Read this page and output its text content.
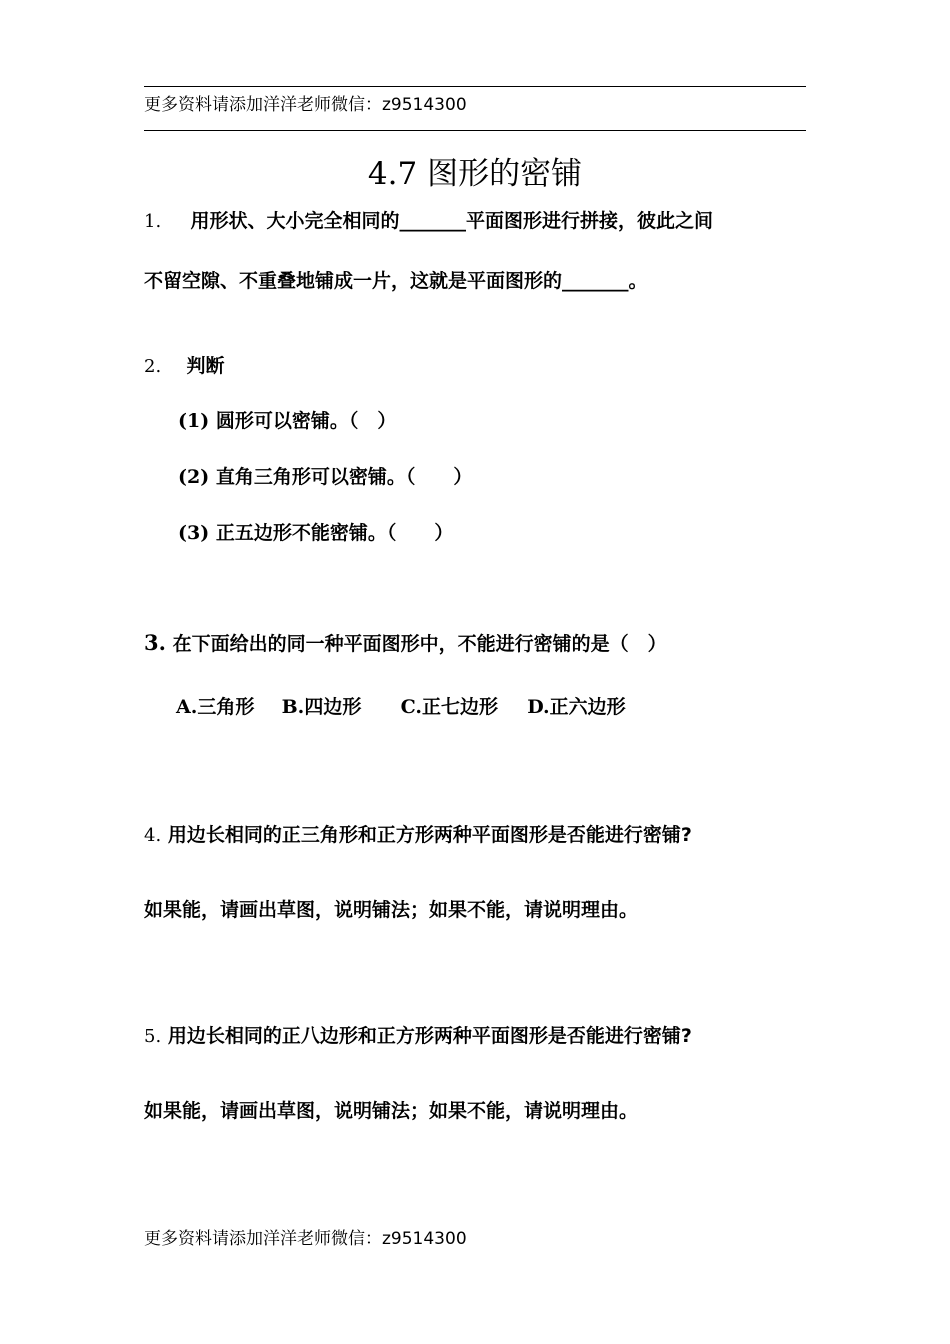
更多资料请添加洋洋老师微信：z9514300
4.7 图形的密铺
1. 用形状、大小完全相同的_______平面图形进行拼接，彼此之间
不留空隙、不重叠地铺成一片，这就是平面图形的_______。
2. 判断
(1) 圆形可以密铺。（　）
(2) 直角三角形可以密铺。（　　）
(3) 正五边形不能密铺。（　　）
3. 在下面给出的同一种平面图形中，不能进行密铺的是（　）
A.三角形 B.四边形 C.正七边形 D.正六边形
4. 用边长相同的正三角形和正方形两种平面图形是否能进行密铺?
如果能，请画出草图，说明铺法；如果不能，请说明理由。
5. 用边长相同的正八边形和正方形两种平面图形是否能进行密铺?
如果能，请画出草图，说明铺法；如果不能，请说明理由。
更多资料请添加洋洋老师微信：z9514300
